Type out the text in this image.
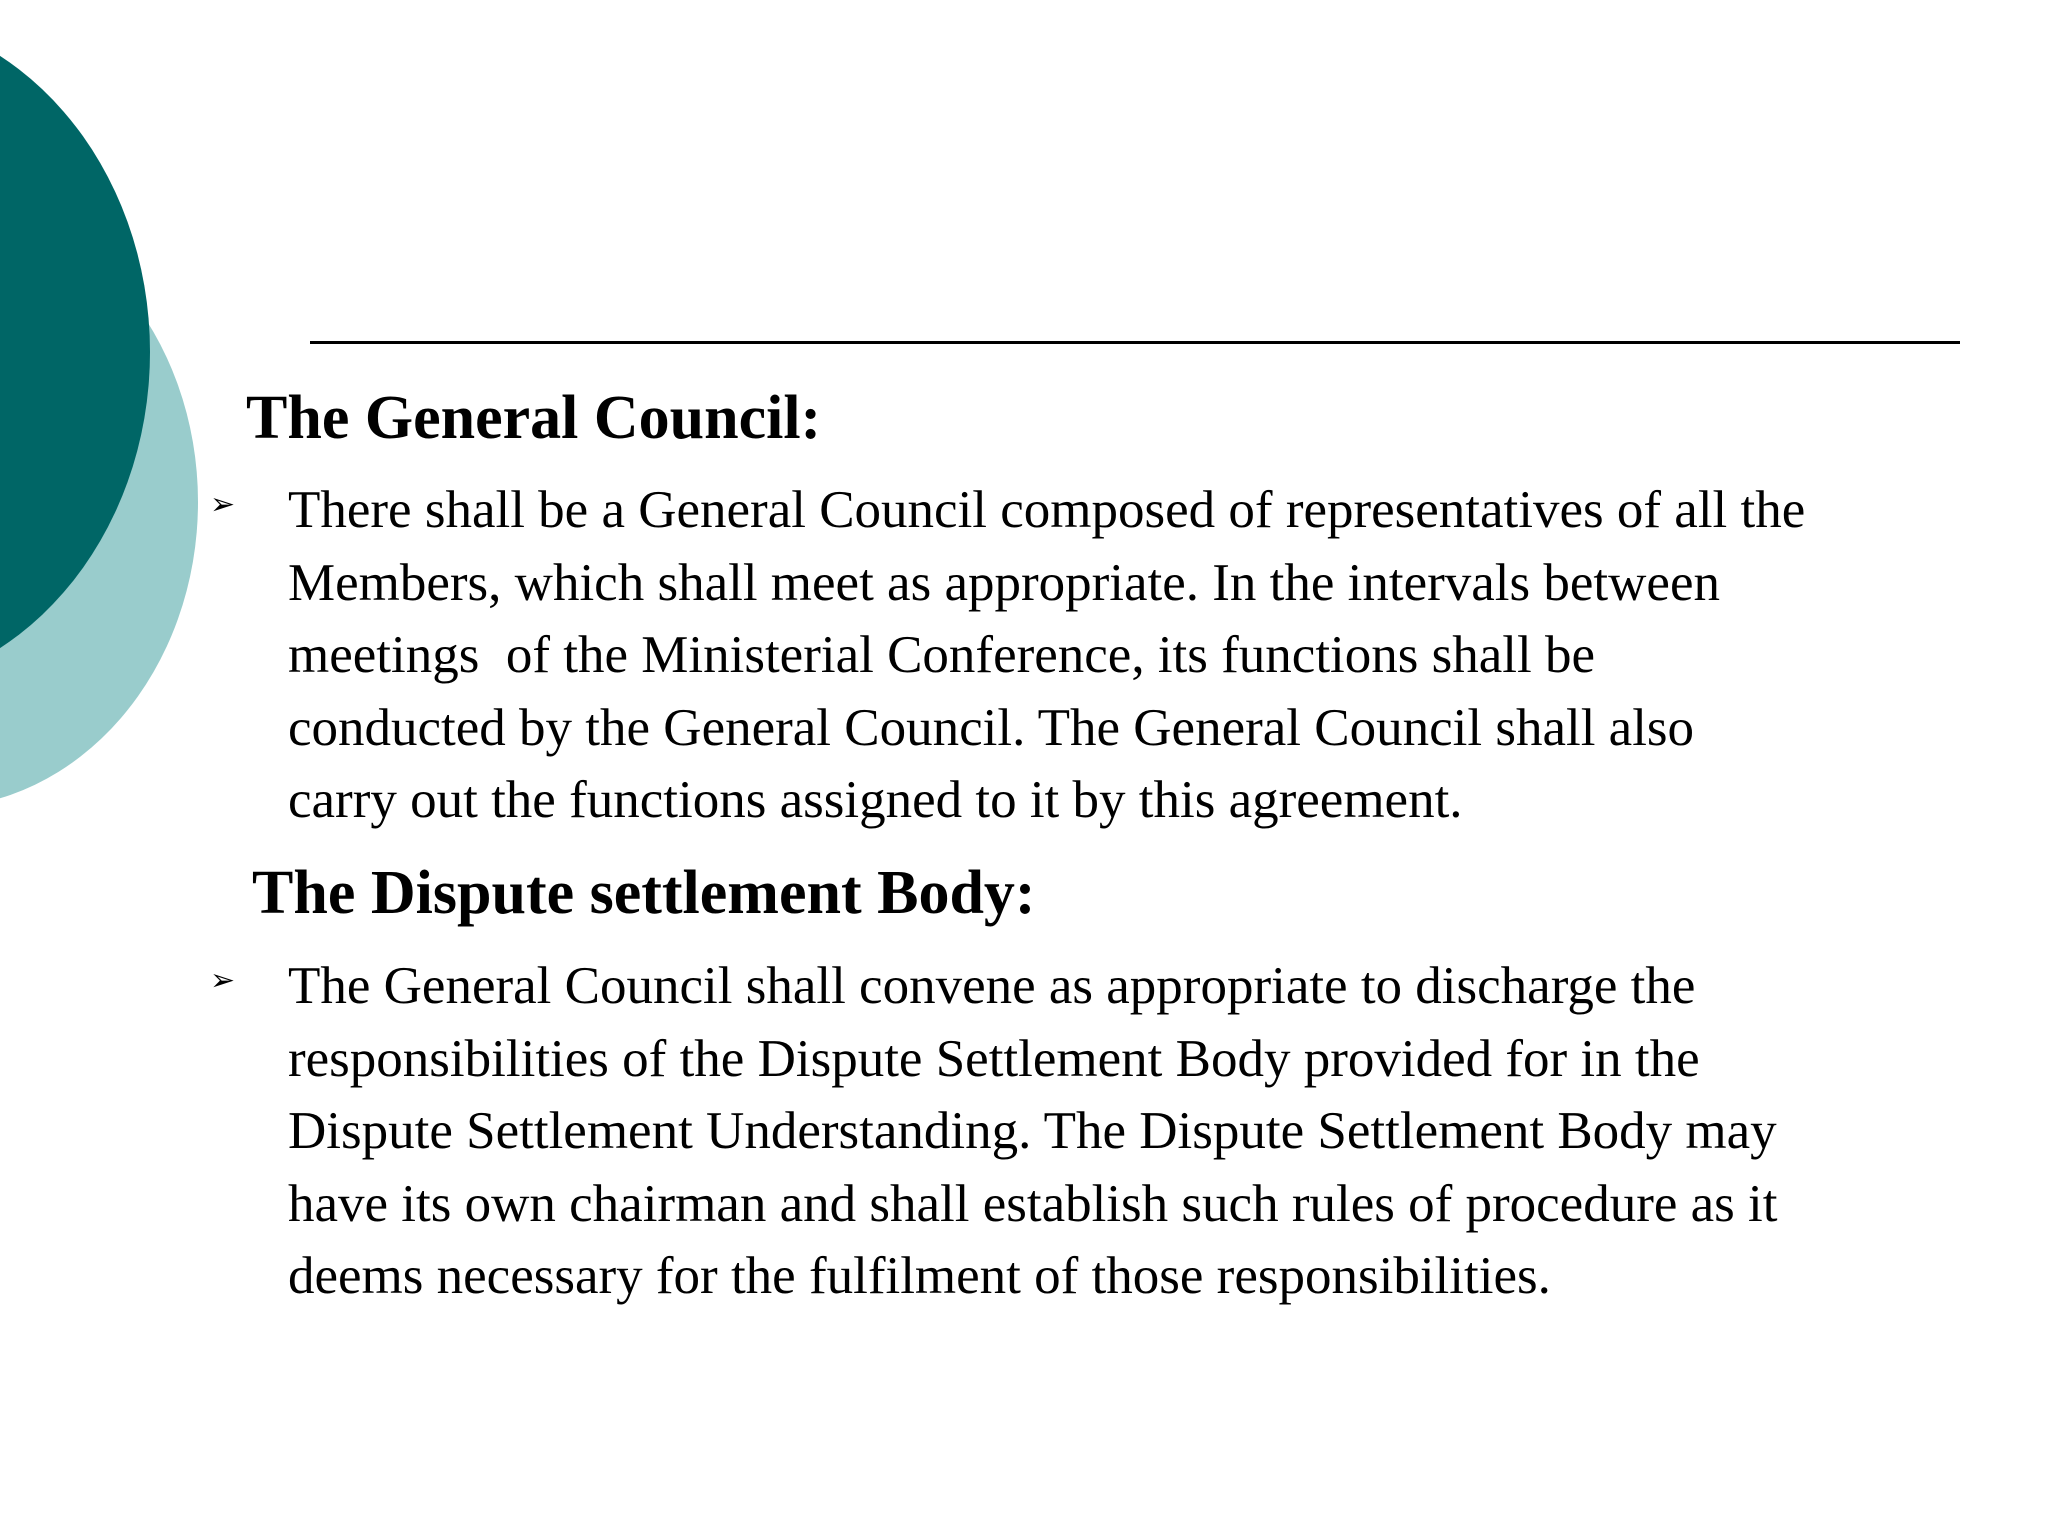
The General Council:
➢ There shall be a General Council composed of representatives of all the
Members, which shall meet as appropriate. In the intervals between
meetings  of the Ministerial Conference, its functions shall be
conducted by the General Council. The General Council shall also
carry out the functions assigned to it by this agreement.

The Dispute settlement Body:
➢ The General Council shall convene as appropriate to discharge the
responsibilities of the Dispute Settlement Body provided for in the
Dispute Settlement Understanding. The Dispute Settlement Body may
have its own chairman and shall establish such rules of procedure as it
deems necessary for the fulfilment of those responsibilities.
